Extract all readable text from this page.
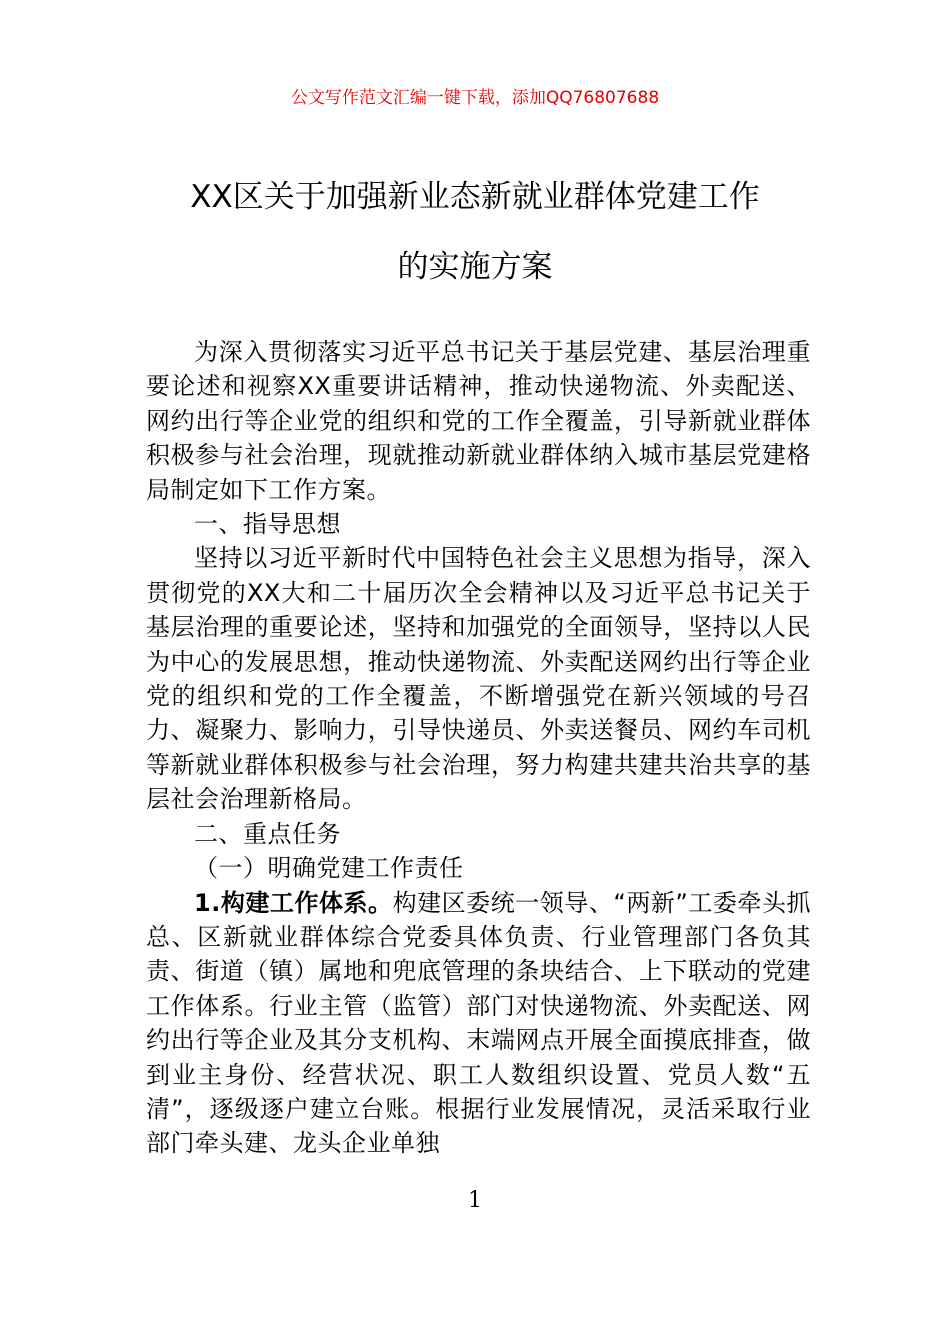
公文写作范文汇编一键下载，添加QQ76807688
XX区关于加强新业态新就业群体党建工作
的实施方案

为深入贯彻落实习近平总书记关于基层党建、基层治理重要论述和视察XX重要讲话精神，推动快递物流、外卖配送、网约出行等企业党的组织和党的工作全覆盖，引导新就业群体积极参与社会治理，现就推动新就业群体纳入城市基层党建格局制定如下工作方案。

一、指导思想

坚持以习近平新时代中国特色社会主义思想为指导，深入贯彻党的XX大和二十届历次全会精神以及习近平总书记关于基层治理的重要论述，坚持和加强党的全面领导，坚持以人民为中心的发展思想，推动快递物流、外卖配送网约出行等企业党的组织和党的工作全覆盖，不断增强党在新兴领域的号召力、凝聚力、影响力，引导快递员、外卖送餐员、网约车司机等新就业群体积极参与社会治理，努力构建共建共治共享的基层社会治理新格局。

二、重点任务

（一）明确党建工作责任

1.构建工作体系。构建区委统一领导、“两新”工委牵头抓总、区新就业群体综合党委具体负责、行业管理部门各负其责、街道（镇）属地和兜底管理的条块结合、上下联动的党建工作体系。行业主管（监管）部门对快递物流、外卖配送、网约出行等企业及其分支机构、末端网点开展全面摸底排查，做到业主身份、经营状况、职工人数组织设置、党员人数“五清”，逐级逐户建立台账。根据行业发展情况，灵活采取行业部门牵头建、龙头企业单独

1
